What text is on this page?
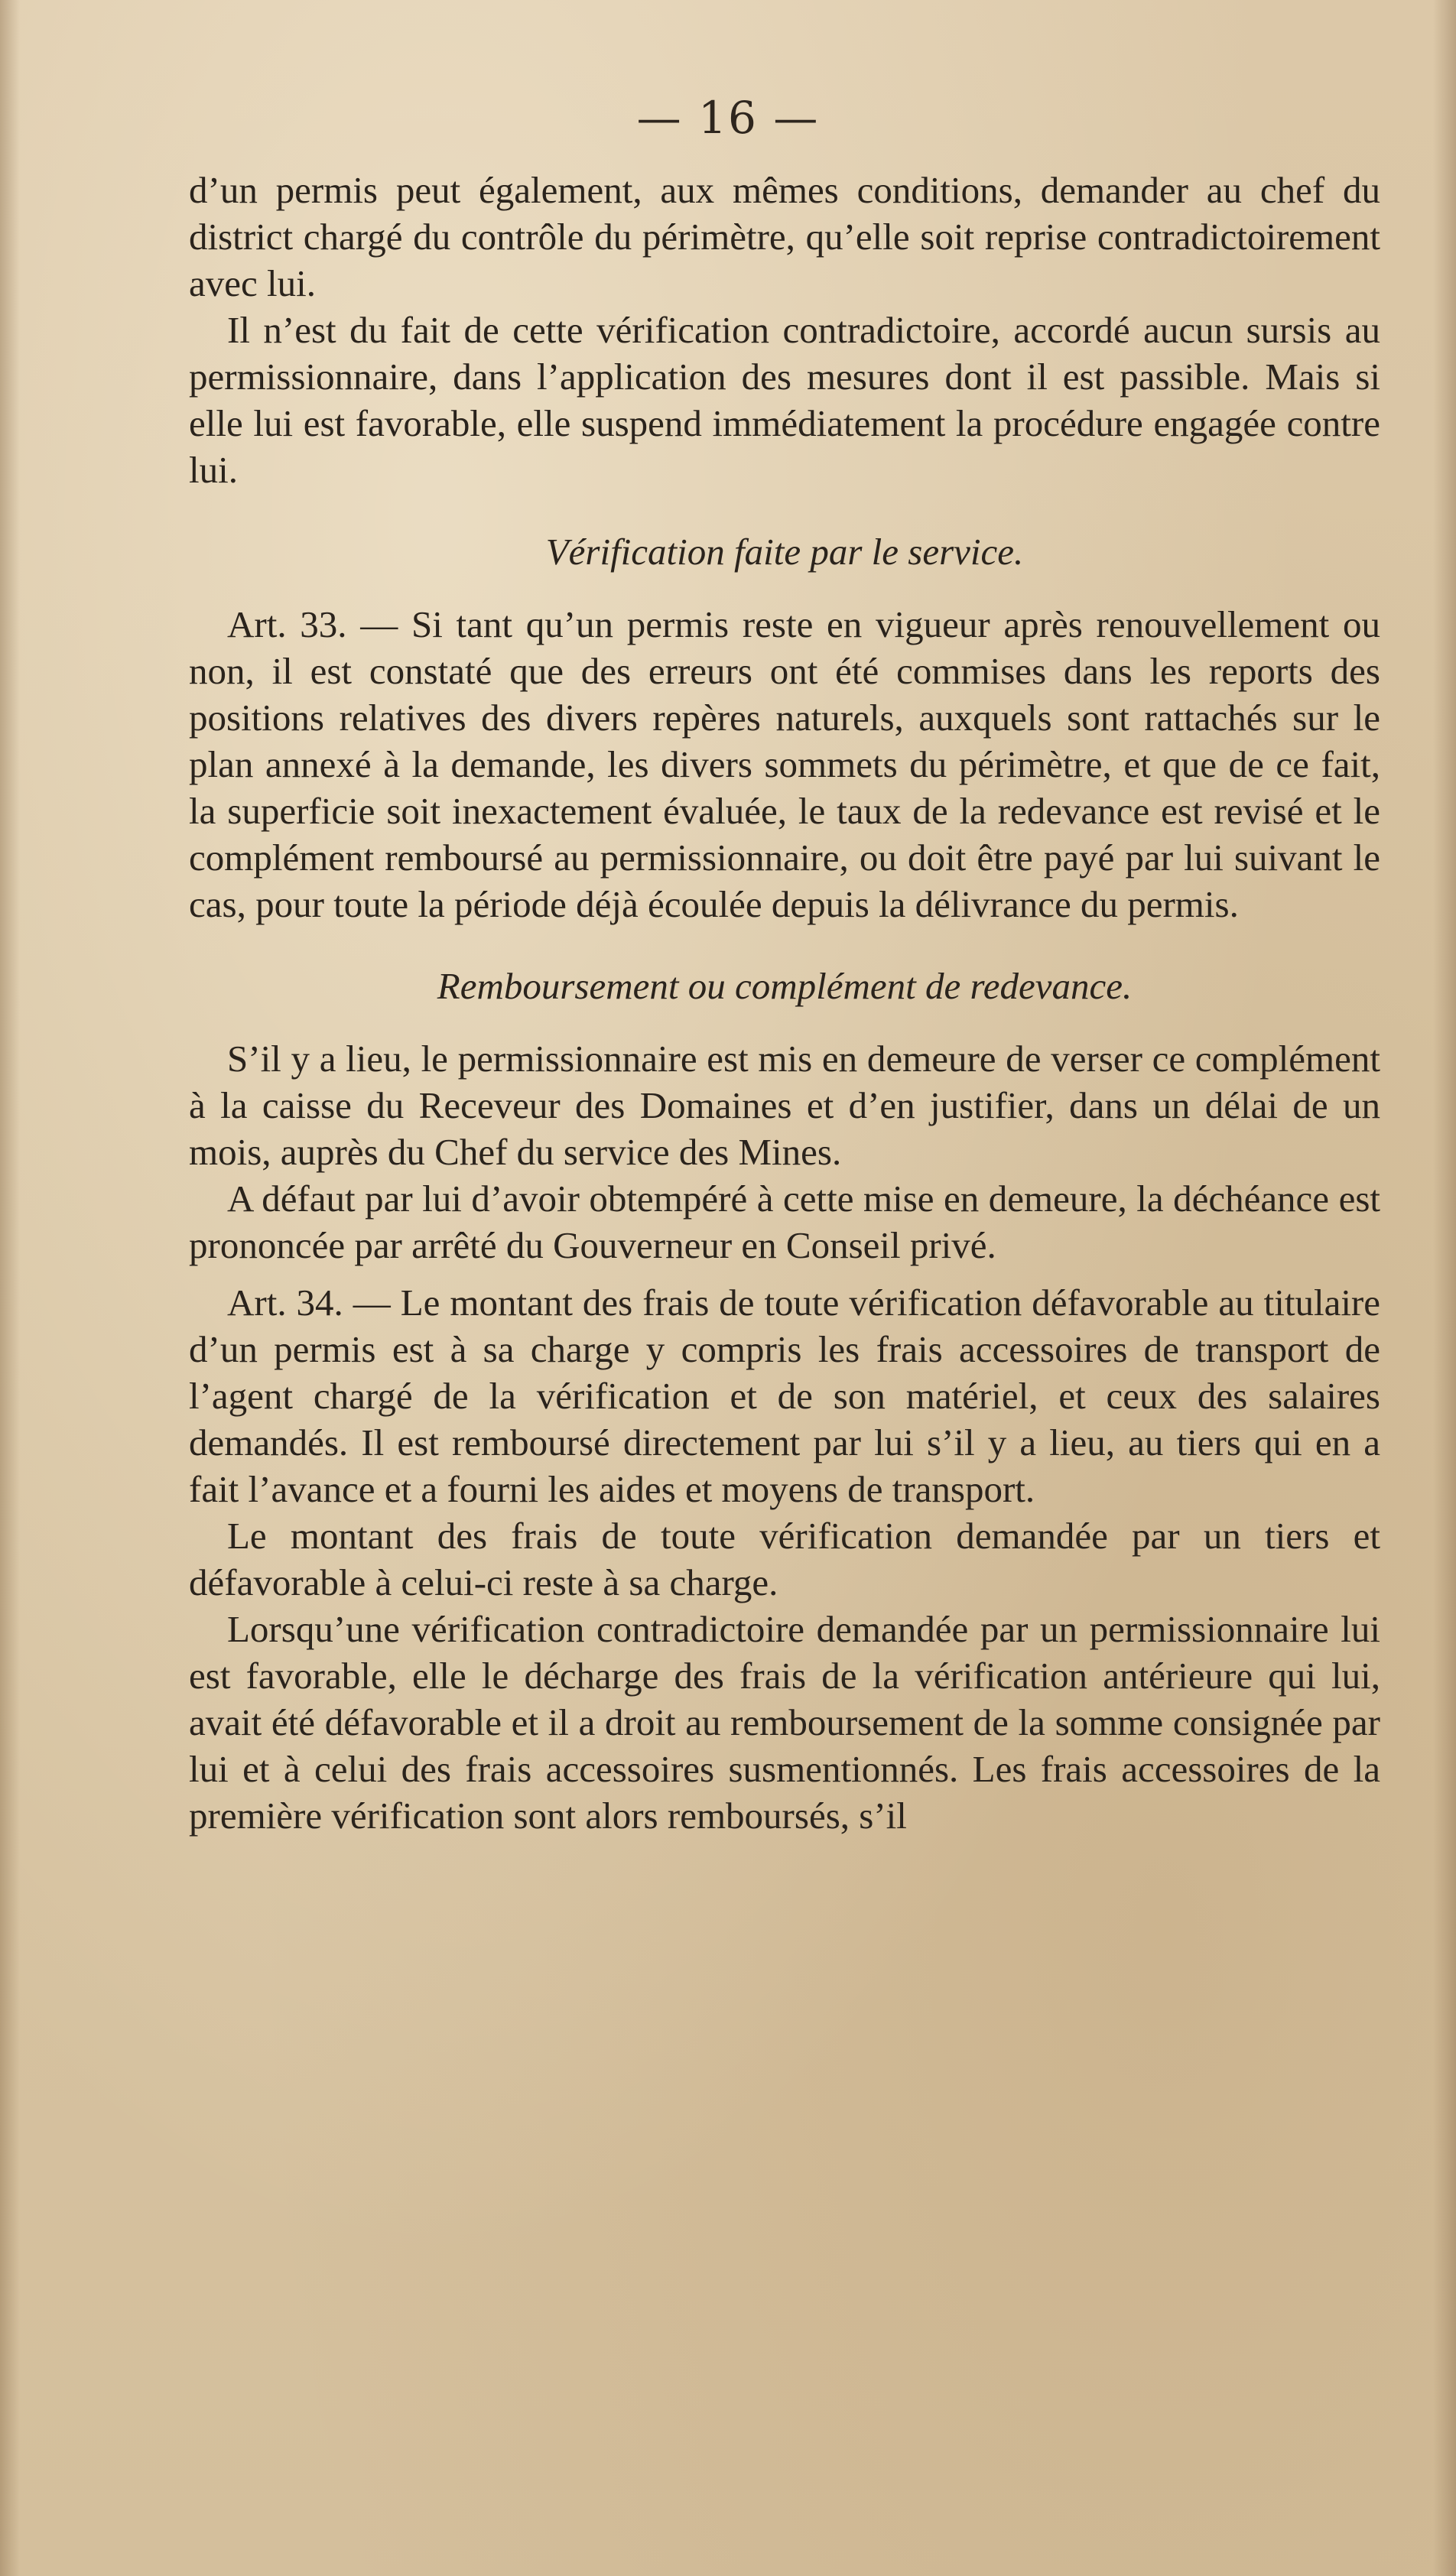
— 16 —

d’un permis peut également, aux mêmes conditions, demander au chef du district chargé du contrôle du périmètre, qu’elle soit reprise contradictoirement avec lui.

Il n’est du fait de cette vérification contradictoire, accordé aucun sursis au permissionnaire, dans l’application des mesures dont il est passible. Mais si elle lui est favorable, elle suspend immédiatement la procédure engagée contre lui.

Vérification faite par le service.

Art. 33. — Si tant qu’un permis reste en vigueur après renouvellement ou non, il est constaté que des erreurs ont été commises dans les reports des positions relatives des divers repères naturels, auxquels sont rattachés sur le plan annexé à la demande, les divers sommets du périmètre, et que de ce fait, la superficie soit inexactement évaluée, le taux de la redevance est revisé et le complément remboursé au permissionnaire, ou doit être payé par lui suivant le cas, pour toute la période déjà écoulée depuis la délivrance du permis.

Remboursement ou complément de redevance.

S’il y a lieu, le permissionnaire est mis en demeure de verser ce complément à la caisse du Receveur des Domaines et d’en justifier, dans un délai de un mois, auprès du Chef du service des Mines.

A défaut par lui d’avoir obtempéré à cette mise en demeure, la déchéance est prononcée par arrêté du Gouverneur en Conseil privé.

Art. 34. — Le montant des frais de toute vérification défavorable au titulaire d’un permis est à sa charge y compris les frais accessoires de transport de l’agent chargé de la vérification et de son matériel, et ceux des salaires demandés. Il est remboursé directement par lui s’il y a lieu, au tiers qui en a fait l’avance et a fourni les aides et moyens de transport.

Le montant des frais de toute vérification demandée par un tiers et défavorable à celui-ci reste à sa charge.

Lorsqu’une vérification contradictoire demandée par un permissionnaire lui est favorable, elle le décharge des frais de la vérification antérieure qui lui, avait été défavorable et il a droit au remboursement de la somme consignée par lui et à celui des frais accessoires susmentionnés. Les frais accessoires de la première vérification sont alors remboursés, s’il
